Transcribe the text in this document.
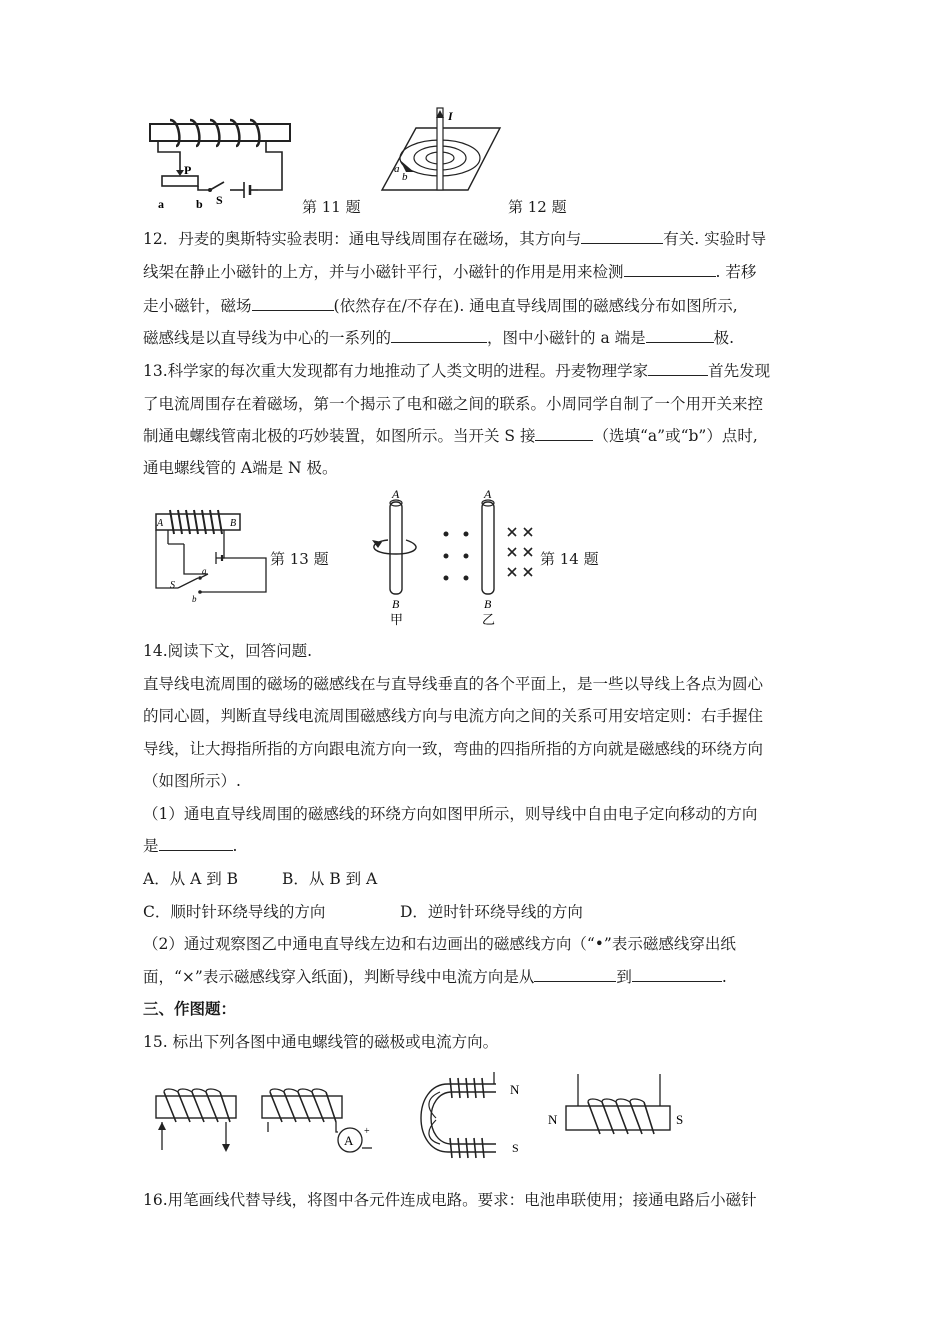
P
a	b S	第 11 题
I
a
b
第 12 题
12．丹麦的奥斯特实验表明：通电导线周围存在磁场，其方向与	有关. 实验时导
线架在静止小磁针的上方，并与小磁针平行，小磁针的作用是用来检测	. 若移
走小磁针，磁场	(依然存在/不存在). 通电直导线周围的磁感线分布如图所示,
磁感线是以直导线为中心的一系列的	，图中小磁针的 a 端是	极.
13.科学家的每次重大发现都有力地推动了人类文明的进程。丹麦物理学家	首先发现
了电流周围存在着磁场，第一个揭示了电和磁之间的联系。小周同学自制了一个用开关来控
制通电螺线管南北极的巧妙装置，如图所示。当开关 S 接	（选填“a”或“b”）点时,
通电螺线管的 A端是 N 极。
A	B
S
a
b
第 13 题
A
B
甲
A
B
乙
第 14 题
14.阅读下文，回答问题.
直导线电流周围的磁场的磁感线在与直导线垂直的各个平面上，是一些以导线上各点为圆心
的同心圆，判断直导线电流周围磁感线方向与电流方向之间的关系可用安培定则：右手握住
导线，让大拇指所指的方向跟电流方向一致，弯曲的四指所指的方向就是磁感线的环绕方向
（如图所示）.
（1）通电直导线周围的磁感线的环绕方向如图甲所示，则导线中自由电子定向移动的方向
是	.
A．从 A 到 B	B．从 B 到 A
C．顺时针环绕导线的方向	D．逆时针环绕导线的方向
（2）通过观察图乙中通电直导线左边和右边画出的磁感线方向（“•”表示磁感线穿出纸
面，“×”表示磁感线穿入纸面)，判断导线中电流方向是从	到	.
三、作图题：
15. 标出下列各图中通电螺线管的磁极或电流方向。
A
+
N
S
N	S
16.用笔画线代替导线，将图中各元件连成电路。要求：电池串联使用；接通电路后小磁针
